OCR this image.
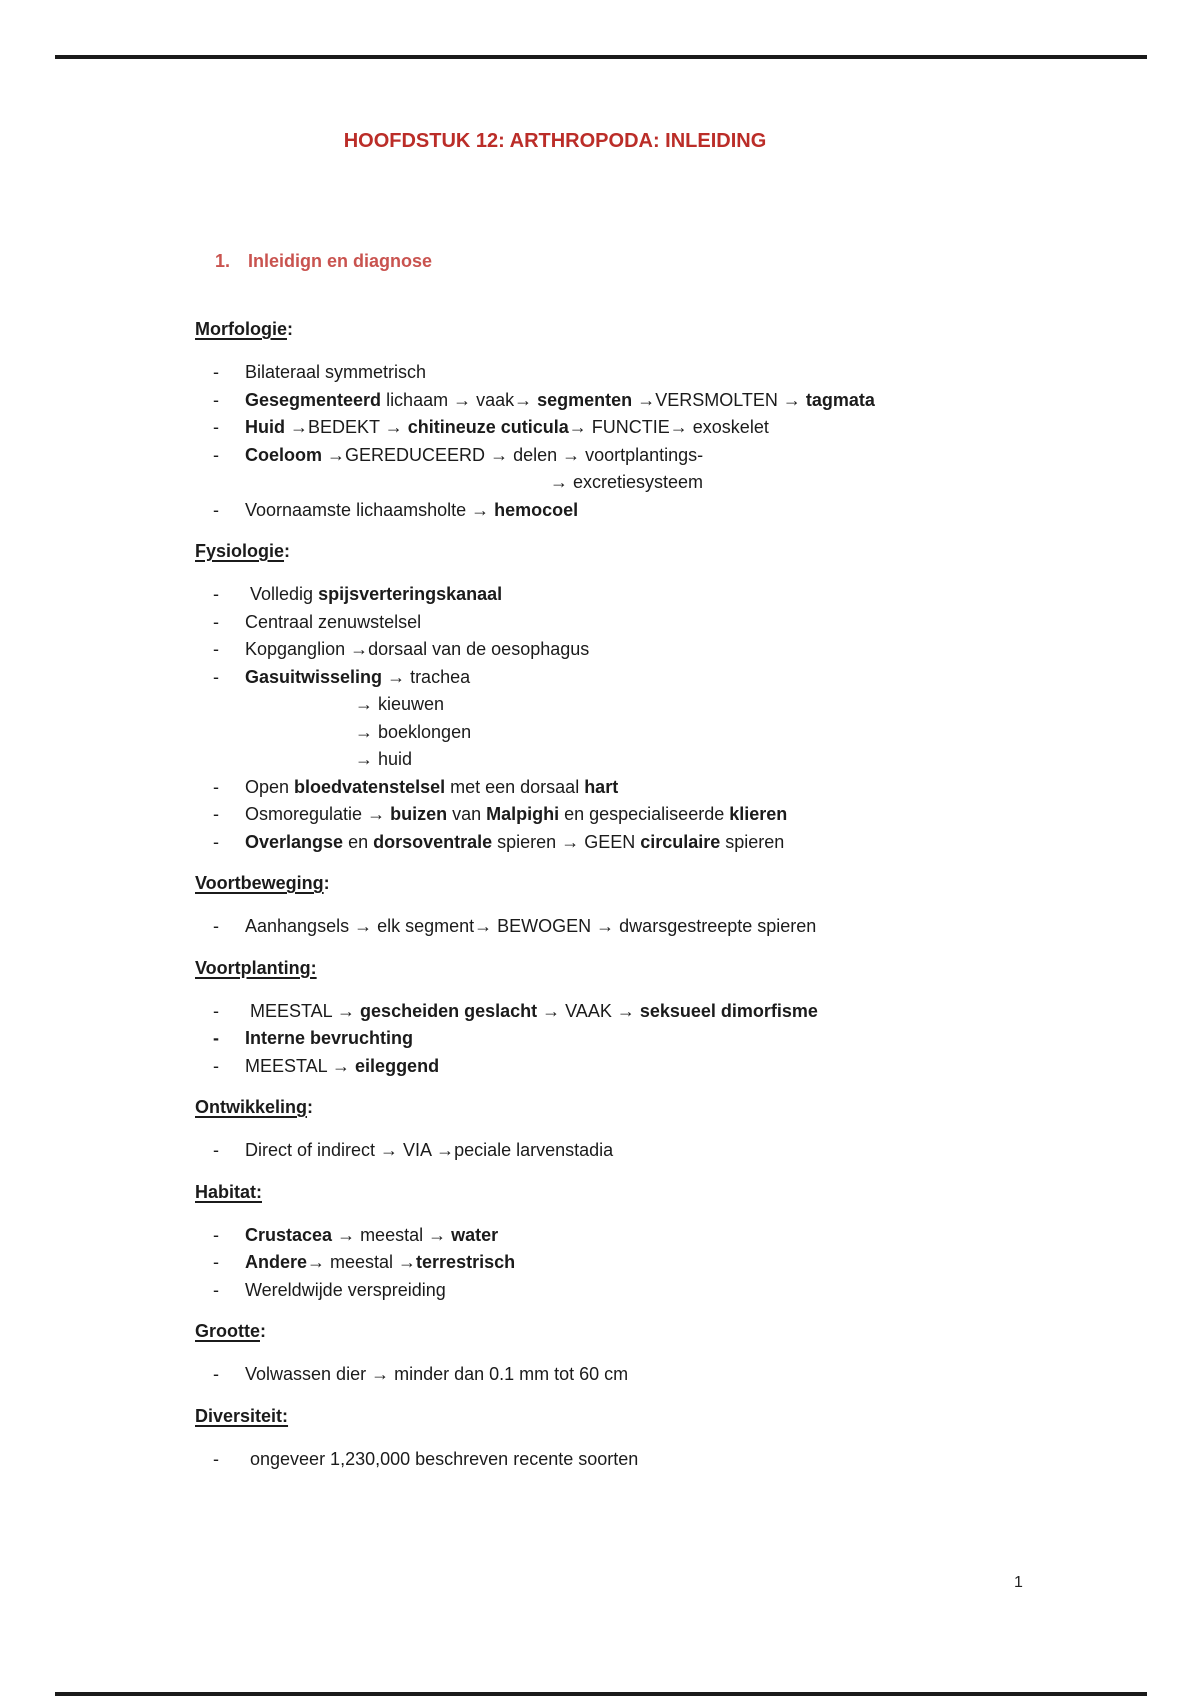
HOOFDSTUK 12: ARTHROPODA: INLEIDING

1. Inleidign en diagnose

Morfologie:
-	Bilateraal symmetrisch
-	Gesegmenteerd lichaam → vaak→ segmenten →VERSMOLTEN → tagmata
-	Huid →BEDEKT → chitineuze cuticula→ FUNCTIE→ exoskelet
-	Coeloom →GEREDUCEERD → delen → voortplantings-
→ excretiesysteem
-	Voornaamste lichaamsholte → hemocoel
Fysiologie:
-	Volledig spijsverteringskanaal
-	Centraal zenuwstelsel
-	Kopganglion →dorsaal van de oesophagus
-	Gasuitwisseling → trachea
→ kieuwen
→ boeklongen
→ huid
-	Open bloedvatenstelsel met een dorsaal hart
-	Osmoregulatie → buizen van Malpighi en gespecialiseerde klieren
-	Overlangse en dorsoventrale spieren → GEEN circulaire spieren
Voortbeweging:
-	Aanhangsels → elk segment→ BEWOGEN → dwarsgestreepte spieren
Voortplanting:
-	MEESTAL → gescheiden geslacht → VAAK → seksueel dimorfisme
-	Interne bevruchting
-	MEESTAL → eileggend
Ontwikkeling:
-	Direct of indirect → VIA →peciale larvenstadia
Habitat:
-	Crustacea → meestal → water
-	Andere→ meestal →terrestrisch
-	Wereldwijde verspreiding
Grootte:
-	Volwassen dier → minder dan 0.1 mm tot 60 cm
Diversiteit:
-	ongeveer 1,230,000 beschreven recente soorten
1
